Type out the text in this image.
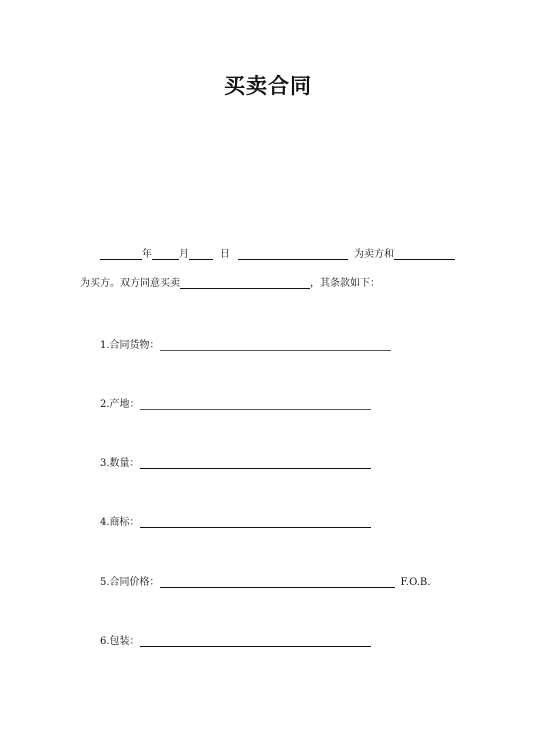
买卖合同
年	月	日	为卖方和
为买方。双方同意买卖	，其条款如下：
1.合同货物：
2.产地：
3.数量：
4.商标：
5.合同价格：	F.O.B.
6.包装：
